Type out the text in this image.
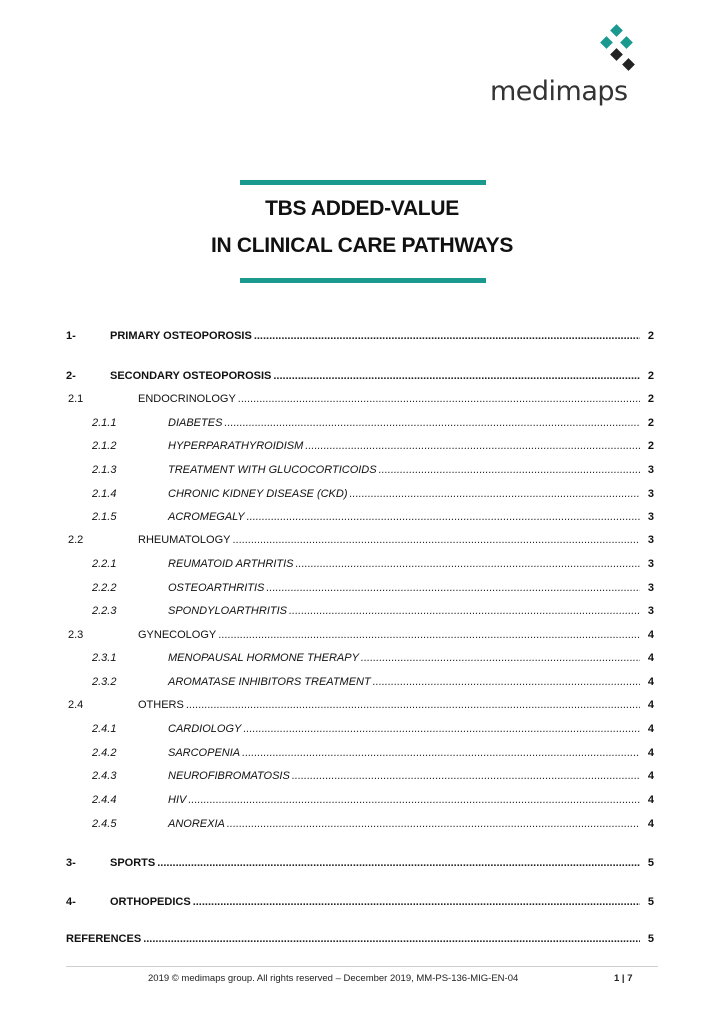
medimaps
TBS ADDED-VALUE
IN CLINICAL CARE PATHWAYS
1-	PRIMARY OSTEOPOROSIS .....	2
2-	SECONDARY OSTEOPOROSIS .....	2
2.1	ENDOCRINOLOGY .....	2
2.1.1	DIABETES .....	2
2.1.2	HYPERPARATHYROIDISM .....	2
2.1.3	TREATMENT WITH GLUCOCORTICOIDS .....	3
2.1.4	CHRONIC KIDNEY DISEASE (CKD) .....	3
2.1.5	ACROMEGALY .....	3
2.2	RHEUMATOLOGY .....	3
2.2.1	REUMATOID ARTHRITIS .....	3
2.2.2	OSTEOARTHRITIS .....	3
2.2.3	SPONDYLOARTHRITIS .....	3
2.3	GYNECOLOGY .....	4
2.3.1	MENOPAUSAL HORMONE THERAPY .....	4
2.3.2	AROMATASE INHIBITORS TREATMENT .....	4
2.4	OTHERS .....	4
2.4.1	CARDIOLOGY .....	4
2.4.2	SARCOPENIA .....	4
2.4.3	NEUROFIBROMATOSIS .....	4
2.4.4	HIV .....	4
2.4.5	ANOREXIA .....	4
3-	SPORTS .....	5
4-	ORTHOPEDICS .....	5
REFERENCES .....	5
2019 © medimaps group. All rights reserved – December 2019, MM-PS-136-MIG-EN-04	1 | 7
